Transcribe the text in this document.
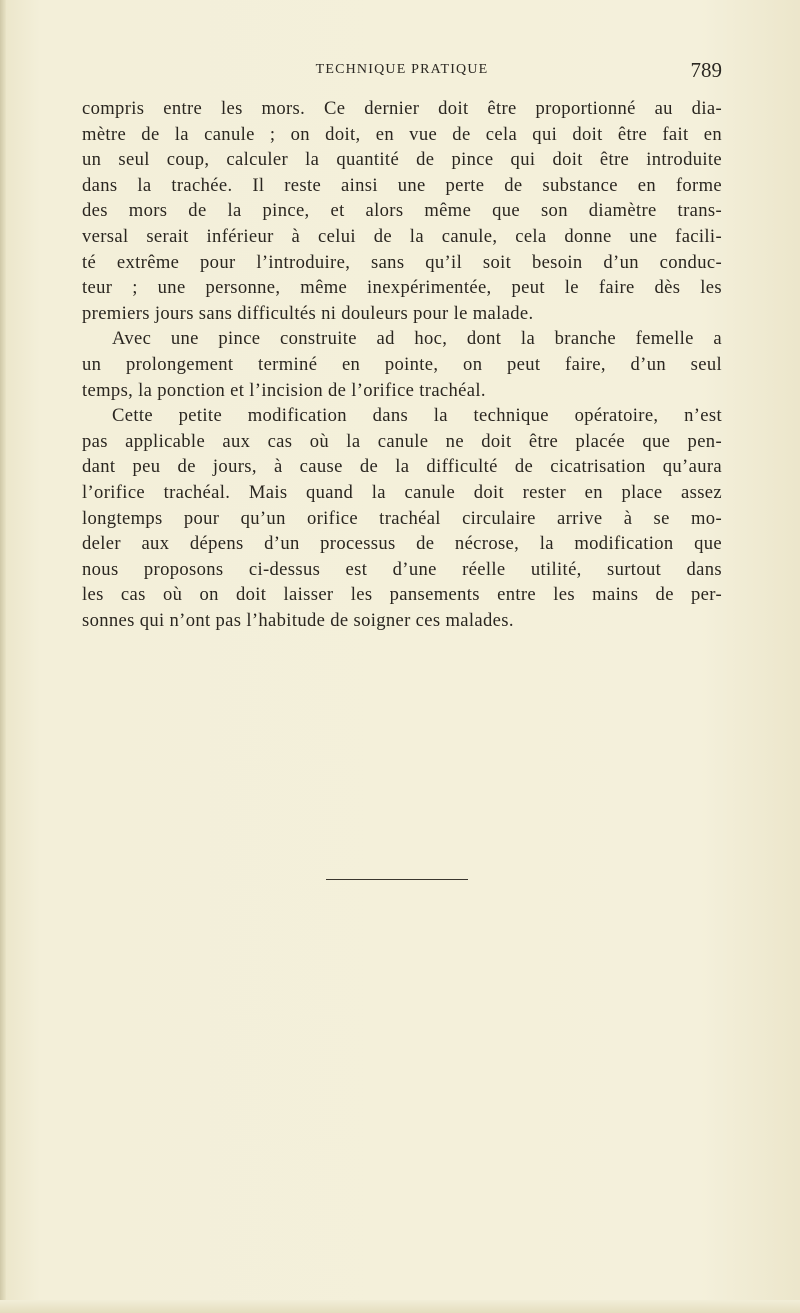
TECHNIQUE PRATIQUE	789
compris entre les mors. Ce dernier doit être proportionné au dia-
mètre de la canule ; on doit, en vue de cela qui doit être fait en
un seul coup, calculer la quantité de pince qui doit être introduite
dans la trachée. Il reste ainsi une perte de substance en forme
des mors de la pince, et alors même que son diamètre trans-
versal serait inférieur à celui de la canule, cela donne une facili-
té extrême pour l’introduire, sans qu’il soit besoin d’un conduc-
teur ; une personne, même inexpérimentée, peut le faire dès les
premiers jours sans difficultés ni douleurs pour le malade.
Avec une pince construite ad hoc, dont la branche femelle a
un prolongement terminé en pointe, on peut faire, d’un seul
temps, la ponction et l’incision de l’orifice trachéal.
Cette petite modification dans la technique opératoire, n’est
pas applicable aux cas où la canule ne doit être placée que pen-
dant peu de jours, à cause de la difficulté de cicatrisation qu’aura
l’orifice trachéal. Mais quand la canule doit rester en place assez
longtemps pour qu’un orifice trachéal circulaire arrive à se mo-
deler aux dépens d’un processus de nécrose, la modification que
nous proposons ci-dessus est d’une réelle utilité, surtout dans
les cas où on doit laisser les pansements entre les mains de per-
sonnes qui n’ont pas l’habitude de soigner ces malades.
